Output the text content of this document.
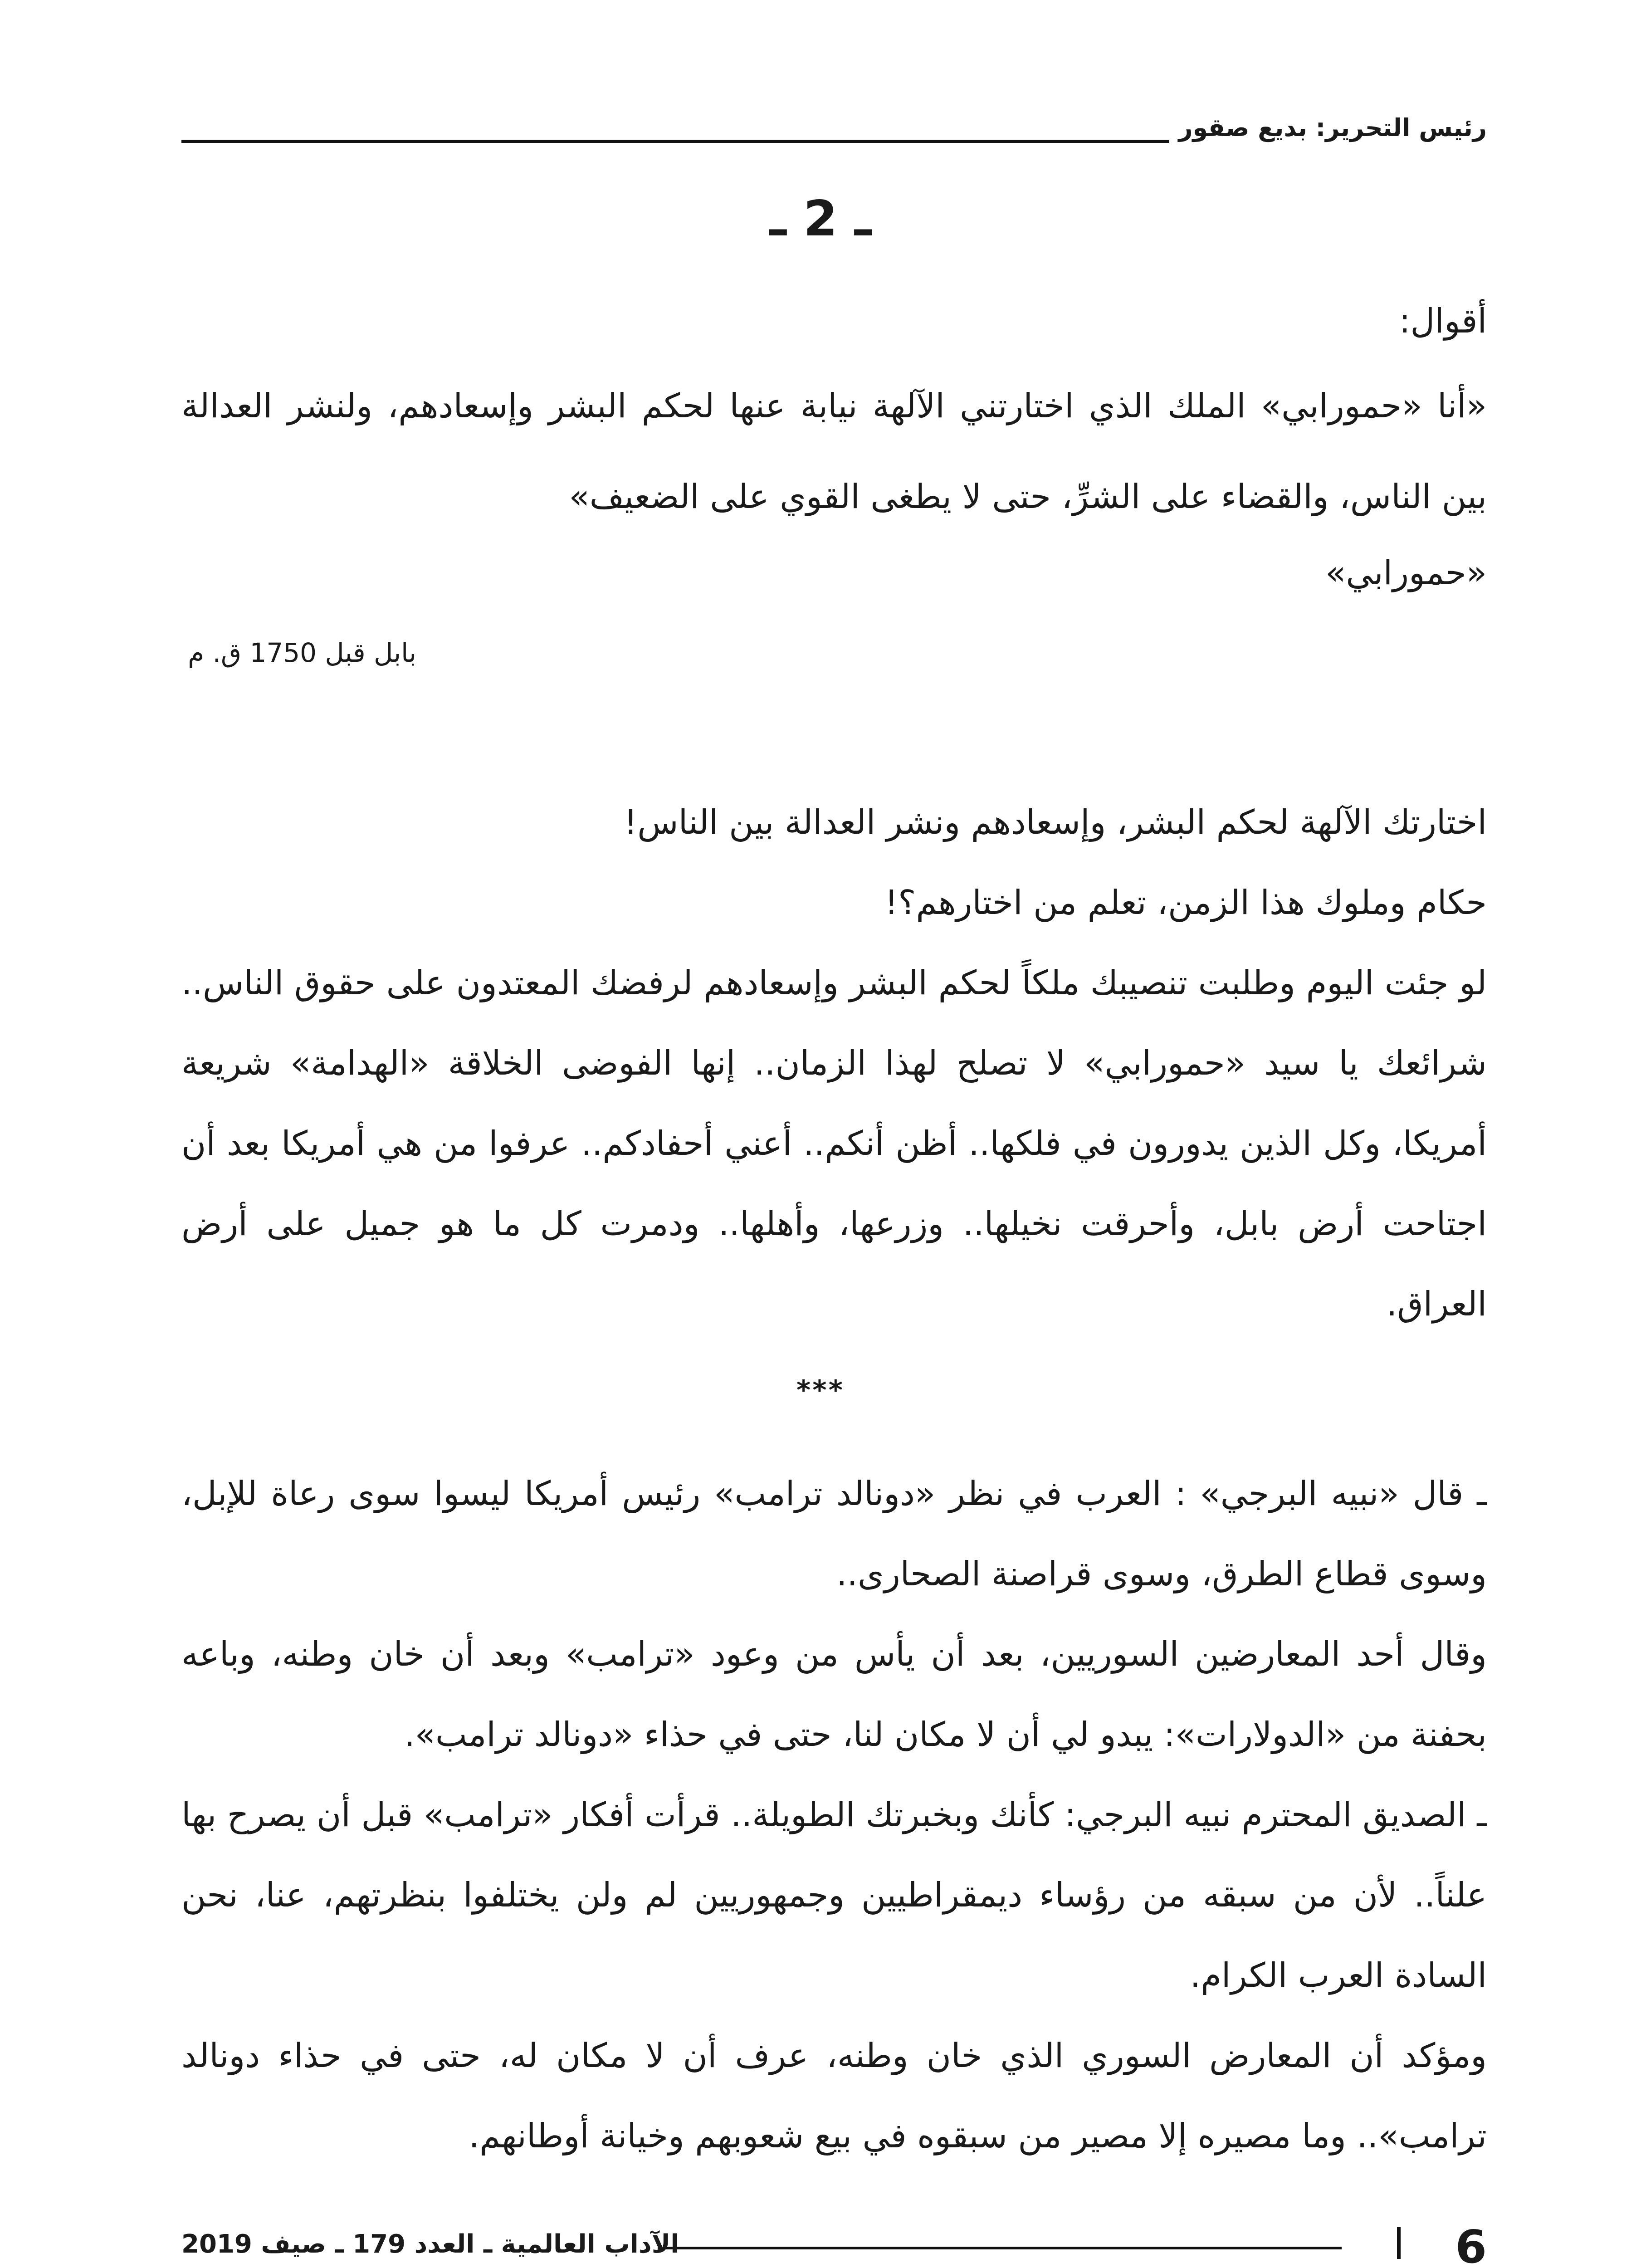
رئيس التحرير: بديع صقور
ـ 2 ـ

أقوال:

«أنا «حمورابي» الملك الذي اختارتني الآلهة نيابة عنها لحكم البشر وإسعادهم، ولنشر العدالة بين الناس، والقضاء على الشرِّ، حتى لا يطغى القوي على الضعيف»

«حمورابي»

بابل قبل 1750 ق. م

اختارتك الآلهة لحكم البشر، وإسعادهم ونشر العدالة بين الناس!

حكام وملوك هذا الزمن، تعلم من اختارهم؟!

لو جئت اليوم وطلبت تنصيبك ملكاً لحكم البشر وإسعادهم لرفضك المعتدون على حقوق الناس.. شرائعك يا سيد «حمورابي» لا تصلح لهذا الزمان.. إنها الفوضى الخلاقة «الهدامة» شريعة أمريكا، وكل الذين يدورون في فلكها.. أظن أنكم.. أعني أحفادكم.. عرفوا من هي أمريكا بعد أن اجتاحت أرض بابل، وأحرقت نخيلها.. وزرعها، وأهلها.. ودمرت كل ما هو جميل على أرض العراق.

***

ـ قال «نبيه البرجي» : العرب في نظر «دونالد ترامب» رئيس أمريكا ليسوا سوى رعاة للإبل، وسوى قطاع الطرق، وسوى قراصنة الصحارى..

وقال أحد المعارضين السوريين، بعد أن يأس من وعود «ترامب» وبعد أن خان وطنه، وباعه بحفنة من «الدولارات»: يبدو لي أن لا مكان لنا، حتى في حذاء «دونالد ترامب».

ـ الصديق المحترم نبيه البرجي: كأنك وبخبرتك الطويلة.. قرأت أفكار «ترامب» قبل أن يصرح بها علناً.. لأن من سبقه من رؤساء ديمقراطيين وجمهوريين لم ولن يختلفوا بنظرتهم، عنا، نحن السادة العرب الكرام.

ومؤكد أن المعارض السوري الذي خان وطنه، عرف أن لا مكان له، حتى في حذاء دونالد ترامب».. وما مصيره إلا مصير من سبقوه في بيع شعوبهم وخيانة أوطانهم.

6
الآداب العالمية ـ العدد 179 ـ صيف 2019
